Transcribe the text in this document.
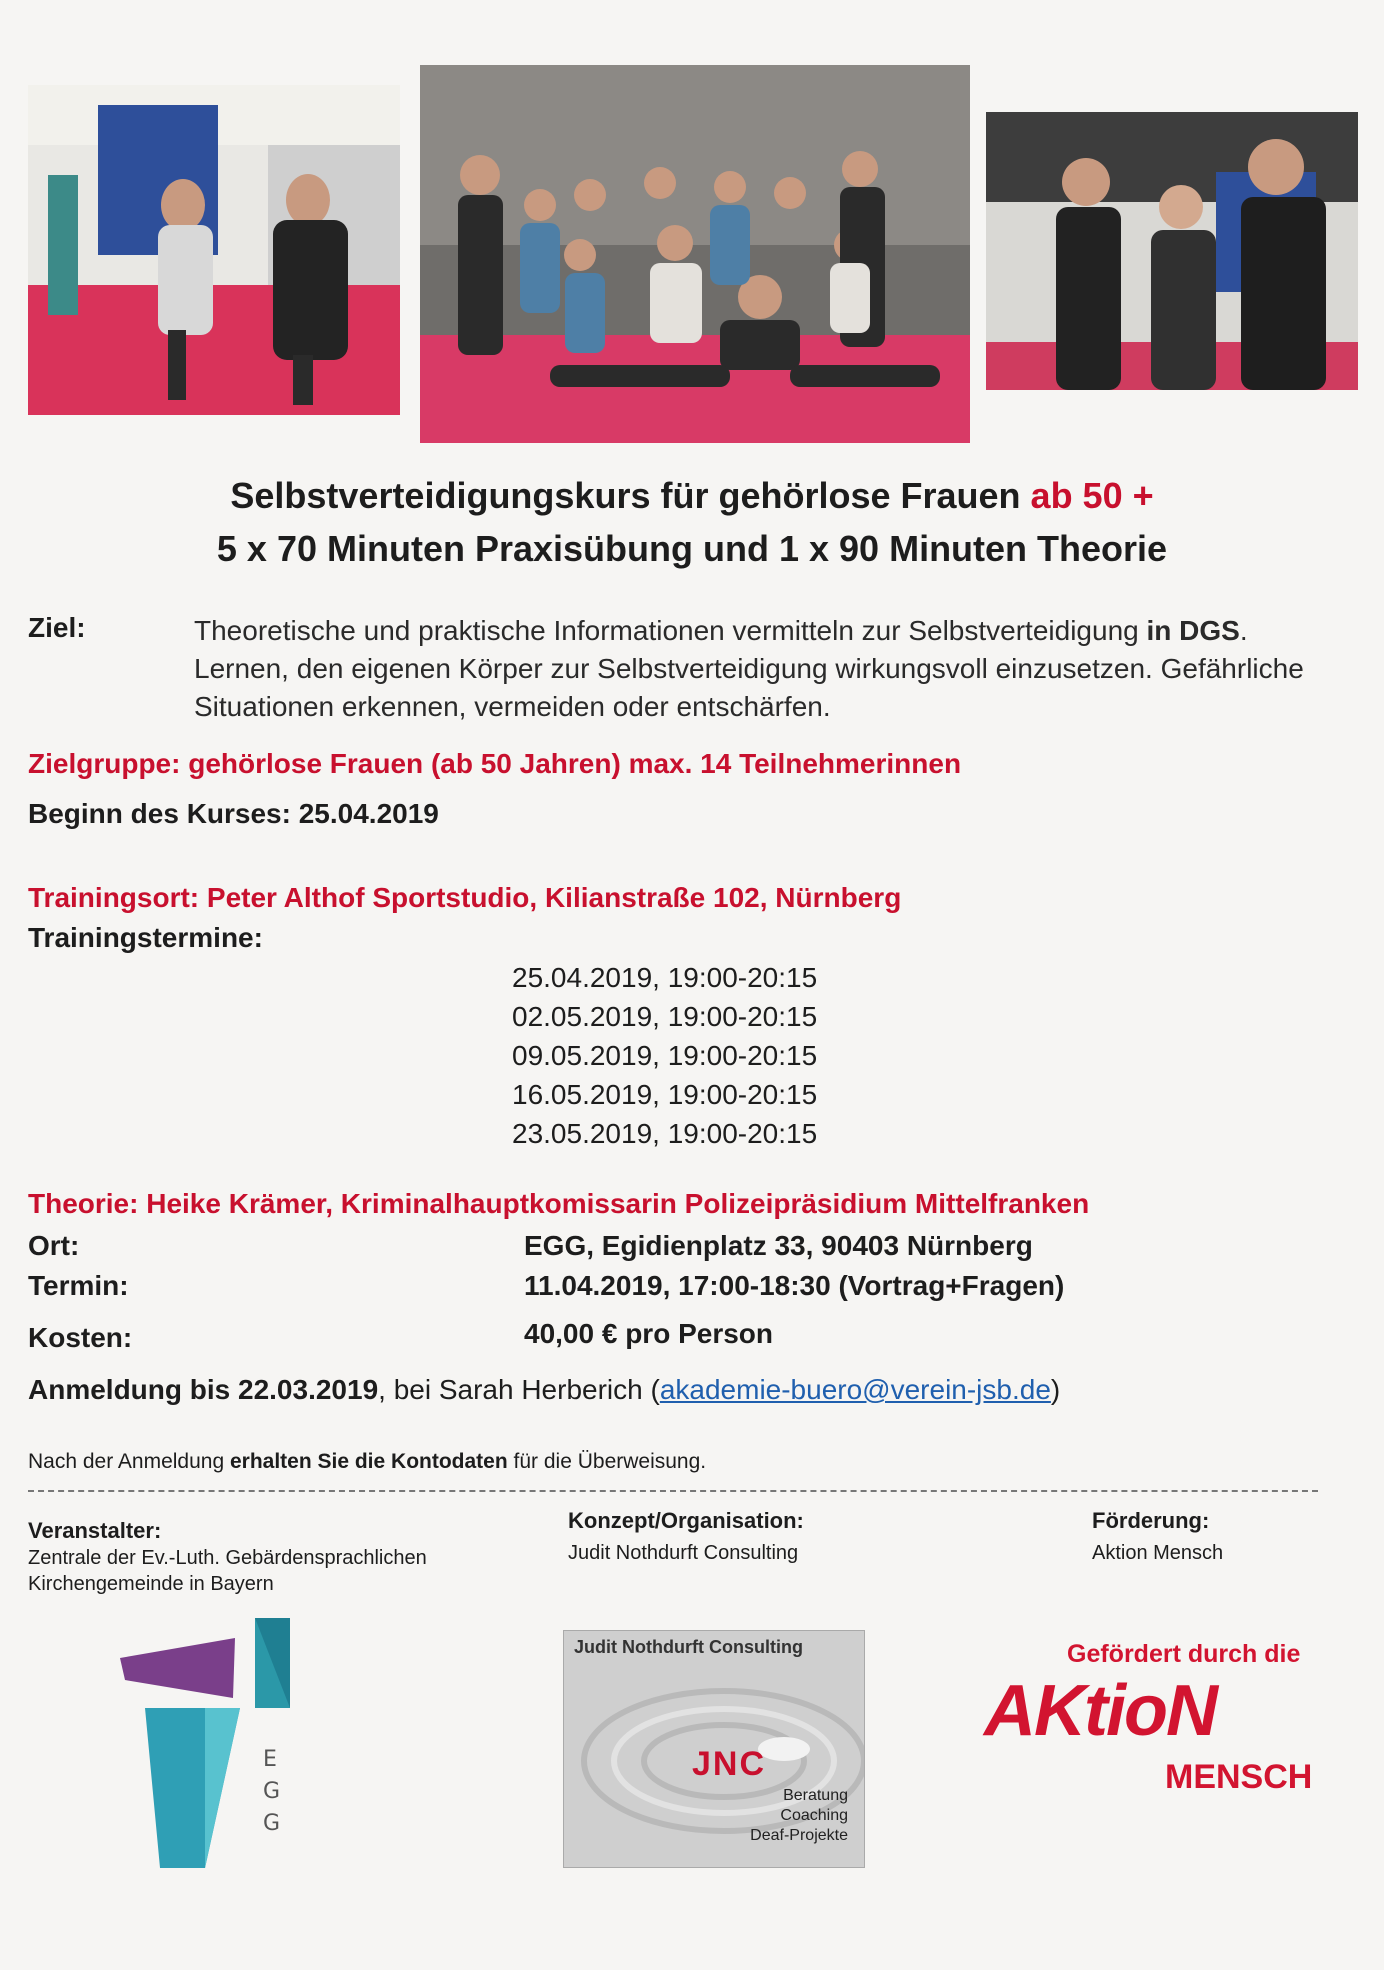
Selbstverteidigungskurs für gehörlose Frauen ab 50 +
5 x 70 Minuten Praxisübung und 1 x 90 Minuten Theorie
Ziel:	Theoretische und praktische Informationen vermitteln zur Selbstverteidigung in DGS. Lernen, den eigenen Körper zur Selbstverteidigung wirkungsvoll einzusetzen. Gefährliche Situationen erkennen, vermeiden oder entschärfen.
Zielgruppe: gehörlose Frauen (ab 50 Jahren) max. 14 Teilnehmerinnen
Beginn des Kurses: 25.04.2019
Trainingsort: Peter Althof Sportstudio, Kilianstraße 102, Nürnberg
Trainingstermine:
25.04.2019, 19:00-20:15
02.05.2019, 19:00-20:15
09.05.2019, 19:00-20:15
16.05.2019, 19:00-20:15
23.05.2019, 19:00-20:15
Theorie: Heike Krämer, Kriminalhauptkomissarin Polizeipräsidium Mittelfranken
Ort:	EGG, Egidienplatz 33, 90403 Nürnberg
Termin:	11.04.2019, 17:00-18:30 (Vortrag+Fragen)
Kosten:	40,00 € pro Person
Anmeldung bis 22.03.2019, bei Sarah Herberich (akademie-buero@verein-jsb.de)
Nach der Anmeldung erhalten Sie die Kontodaten für die Überweisung.
Veranstalter:
Zentrale der Ev.-Luth. Gebärdensprachlichen Kirchengemeinde in Bayern
Konzept/Organisation:
Judit Nothdurft Consulting
Förderung:
Aktion Mensch
E
G
G
Judit Nothdurft Consulting
JNC
Beratung
Coaching
Deaf-Projekte
Gefördert durch die
AKtioN
MENSCH
